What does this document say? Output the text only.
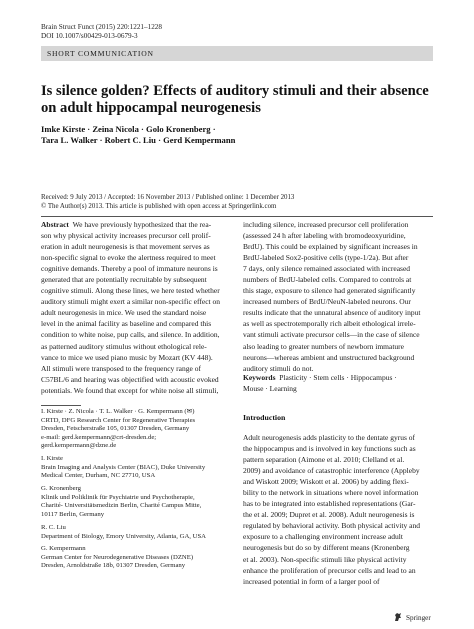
Brain Struct Funct (2015) 220:1221–1228
DOI 10.1007/s00429-013-0679-3
SHORT COMMUNICATION
Is silence golden? Effects of auditory stimuli and their absence on adult hippocampal neurogenesis
Imke Kirste · Zeina Nicola · Golo Kronenberg ·
Tara L. Walker · Robert C. Liu · Gerd Kempermann
Received: 9 July 2013 / Accepted: 16 November 2013 / Published online: 1 December 2013
© The Author(s) 2013. This article is published with open access at Springerlink.com
Abstract We have previously hypothesized that the rea-
son why physical activity increases precursor cell prolif-
eration in adult neurogenesis is that movement serves as
non-specific signal to evoke the alertness required to meet
cognitive demands. Thereby a pool of immature neurons is
generated that are potentially recruitable by subsequent
cognitive stimuli. Along these lines, we here tested whether
auditory stimuli might exert a similar non-specific effect on
adult neurogenesis in mice. We used the standard noise
level in the animal facility as baseline and compared this
condition to white noise, pup calls, and silence. In addition,
as patterned auditory stimulus without ethological rele-
vance to mice we used piano music by Mozart (KV 448).
All stimuli were transposed to the frequency range of
C57BL/6 and hearing was objectified with acoustic evoked
potentials. We found that except for white noise all stimuli,
including silence, increased precursor cell proliferation
(assessed 24 h after labeling with bromodeoxyuridine,
BrdU). This could be explained by significant increases in
BrdU-labeled Sox2-positive cells (type-1/2a). But after
7 days, only silence remained associated with increased
numbers of BrdU-labeled cells. Compared to controls at
this stage, exposure to silence had generated significantly
increased numbers of BrdU/NeuN-labeled neurons. Our
results indicate that the unnatural absence of auditory input
as well as spectrotemporally rich albeit ethological irrele-
vant stimuli activate precursor cells—in the case of silence
also leading to greater numbers of newborn immature
neurons—whereas ambient and unstructured background
auditory stimuli do not.
Keywords Plasticity · Stem cells · Hippocampus ·
Mouse · Learning
I. Kirste · Z. Nicola · T. L. Walker · G. Kempermann (✉)
CRTD, DFG Research Center for Regenerative Therapies
Dresden, Fetscherstraße 105, 01307 Dresden, Germany
e-mail: gerd.kempermann@crt-dresden.de;
gerd.kempermann@dzne.de
I. Kirste
Brain Imaging and Analysis Center (BIAC), Duke University
Medical Center, Durham, NC 27710, USA
G. Kronenberg
Klinik und Poliklinik für Psychiatrie und Psychotherapie,
Charité- Universitätsmedizin Berlin, Charité Campus Mitte,
10117 Berlin, Germany
R. C. Liu
Department of Biology, Emory University, Atlanta, GA, USA
G. Kempermann
German Center for Neurodegenerative Diseases (DZNE)
Dresden, Arnoldstraße 18b, 01307 Dresden, Germany
Introduction
Adult neurogenesis adds plasticity to the dentate gyrus of
the hippocampus and is involved in key functions such as
pattern separation (Aimone et al. 2010; Clelland et al.
2009) and avoidance of catastrophic interference (Appleby
and Wiskott 2009; Wiskott et al. 2006) by adding flexi-
bility to the network in situations where novel information
has to be integrated into established representations (Gar-
the et al. 2009; Dupret et al. 2008). Adult neurogenesis is
regulated by behavioral activity. Both physical activity and
exposure to a challenging environment increase adult
neurogenesis but do so by different means (Kronenberg
et al. 2003). Non-specific stimuli like physical activity
enhance the proliferation of precursor cells and lead to an
increased potential in form of a larger pool of
Springer
